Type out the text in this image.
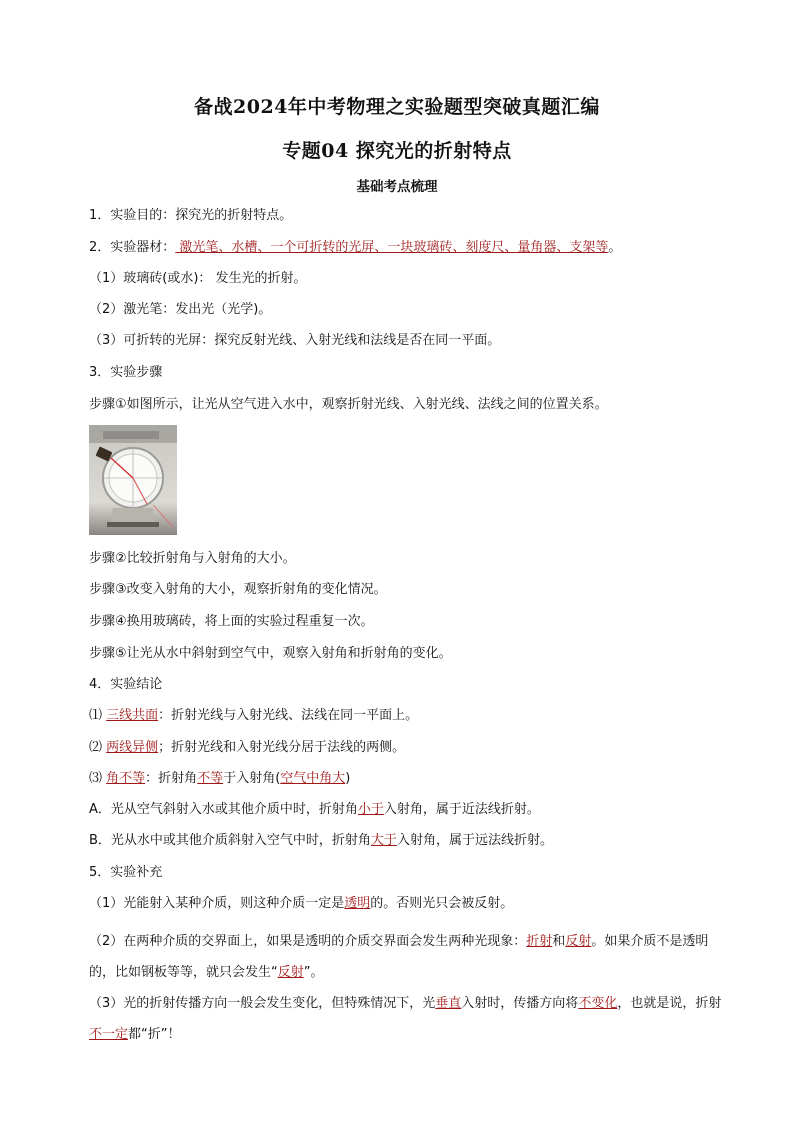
备战2024年中考物理之实验题型突破真题汇编
专题04 探究光的折射特点
基础考点梳理
1．实验目的：探究光的折射特点。
2．实验器材： 激光笔、水槽、一个可折转的光屏、一块玻璃砖、刻度尺、量角器、支架等。
（1）玻璃砖(或水)： 发生光的折射。
（2）激光笔：发出光（光学)。
（3）可折转的光屏：探究反射光线、入射光线和法线是否在同一平面。
3．实验步骤
步骤①如图所示，让光从空气进入水中，观察折射光线、入射光线、法线之间的位置关系。
步骤②比较折射角与入射角的大小。
步骤③改变入射角的大小，观察折射角的变化情况。
步骤④换用玻璃砖，将上面的实验过程重复一次。
步骤⑤让光从水中斜射到空气中，观察入射角和折射角的变化。
4．实验结论
⑴ 三线共面：折射光线与入射光线、法线在同一平面上。
⑵ 两线异侧；折射光线和入射光线分居于法线的两侧。
⑶ 角不等：折射角不等于入射角(空气中角大)
A．光从空气斜射入水或其他介质中时，折射角小于入射角，属于近法线折射。
B．光从水中或其他介质斜射入空气中时，折射角大于入射角，属于远法线折射。
5．实验补充
（1）光能射入某种介质，则这种介质一定是透明的。否则光只会被反射。
（2）在两种介质的交界面上，如果是透明的介质交界面会发生两种光现象：折射和反射。如果介质不是透明的，比如钢板等等，就只会发生“反射”。
（3）光的折射传播方向一般会发生变化，但特殊情况下，光垂直入射时，传播方向将不变化，也就是说，折射不一定都“折”！
